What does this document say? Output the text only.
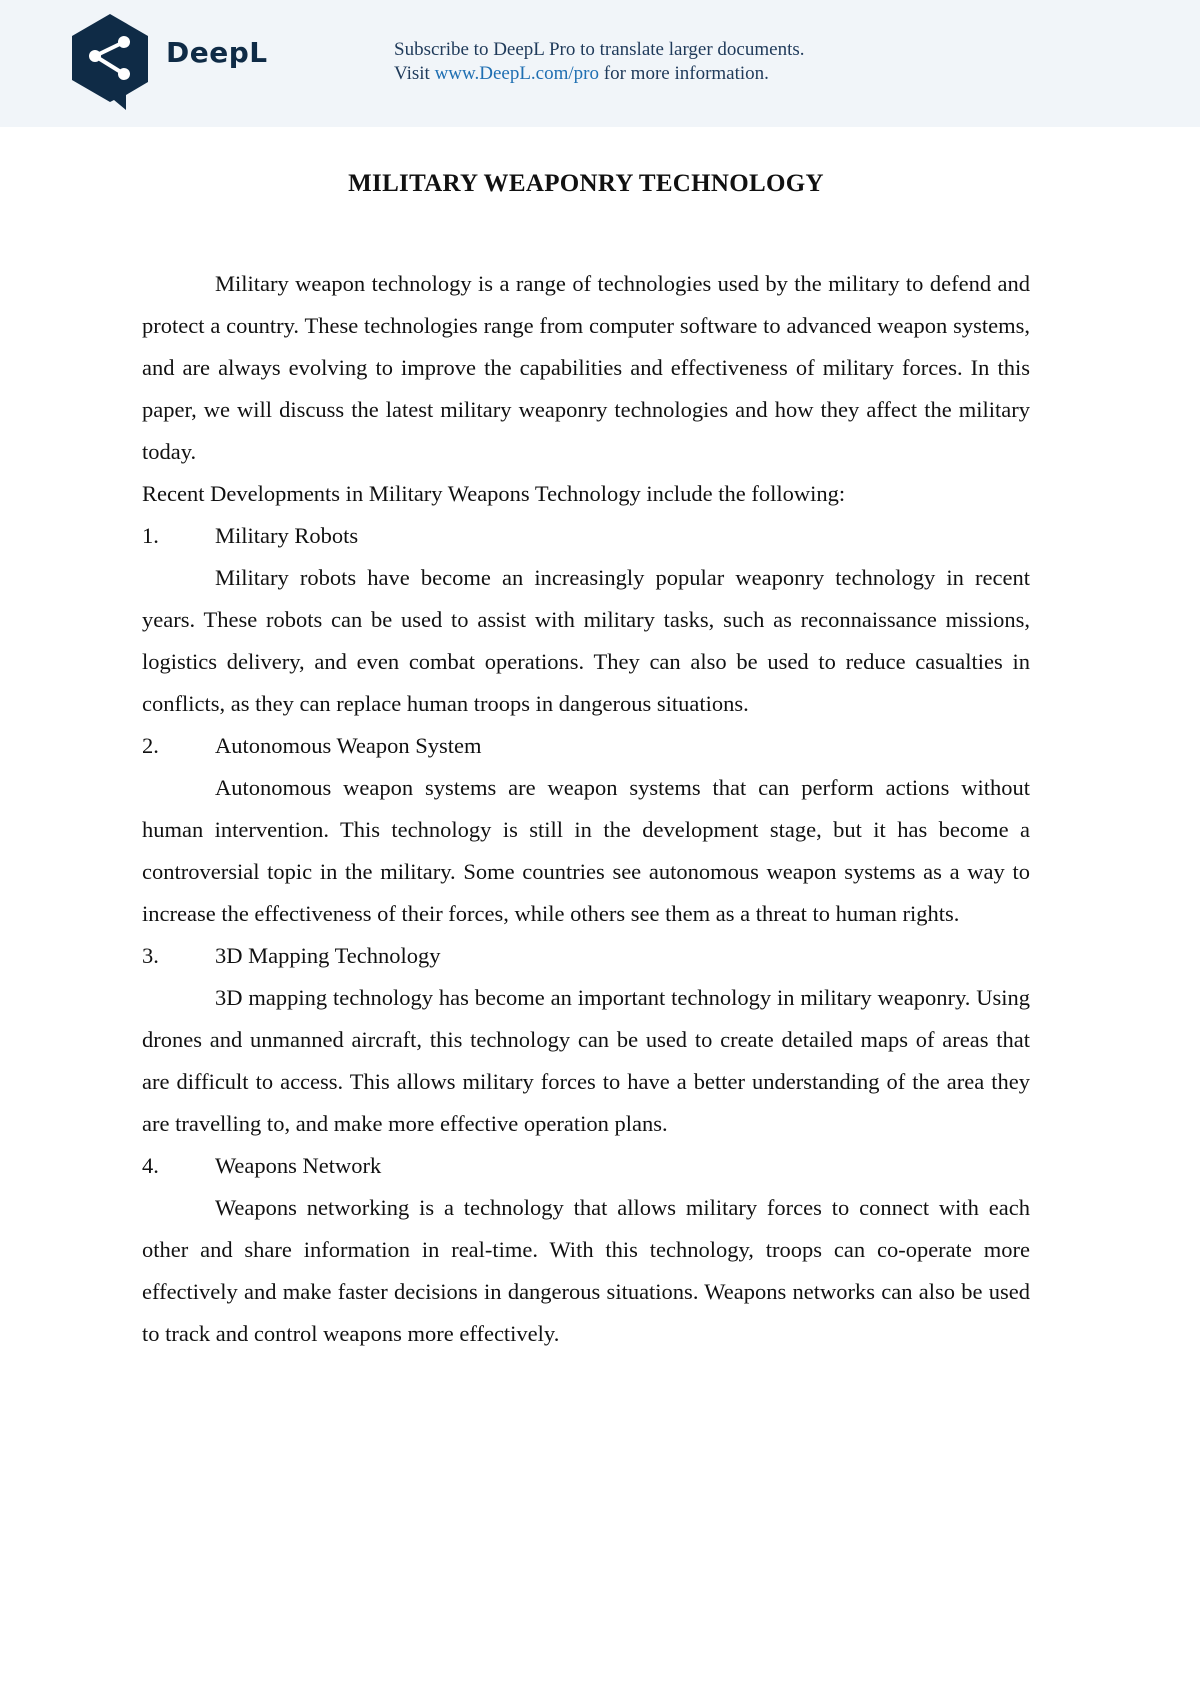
DeepL	Subscribe to DeepL Pro to translate larger documents.
Visit www.DeepL.com/pro for more information.
MILITARY WEAPONRY TECHNOLOGY

Military weapon technology is a range of technologies used by the military to defend and protect a country. These technologies range from computer software to advanced weapon systems, and are always evolving to improve the capabilities and effectiveness of military forces. In this paper, we will discuss the latest military weaponry technologies and how they affect the military today.

Recent Developments in Military Weapons Technology include the following:

1.	Military Robots

Military robots have become an increasingly popular weaponry technology in recent years. These robots can be used to assist with military tasks, such as reconnaissance missions, logistics delivery, and even combat operations. They can also be used to reduce casualties in conflicts, as they can replace human troops in dangerous situations.

2.	Autonomous Weapon System

Autonomous weapon systems are weapon systems that can perform actions without human intervention. This technology is still in the development stage, but it has become a controversial topic in the military. Some countries see autonomous weapon systems as a way to increase the effectiveness of their forces, while others see them as a threat to human rights.

3.	3D Mapping Technology

3D mapping technology has become an important technology in military weaponry. Using drones and unmanned aircraft, this technology can be used to create detailed maps of areas that are difficult to access. This allows military forces to have a better understanding of the area they are travelling to, and make more effective operation plans.

4.	Weapons Network

Weapons networking is a technology that allows military forces to connect with each other and share information in real-time. With this technology, troops can co-operate more effectively and make faster decisions in dangerous situations. Weapons networks can also be used to track and control weapons more effectively.
